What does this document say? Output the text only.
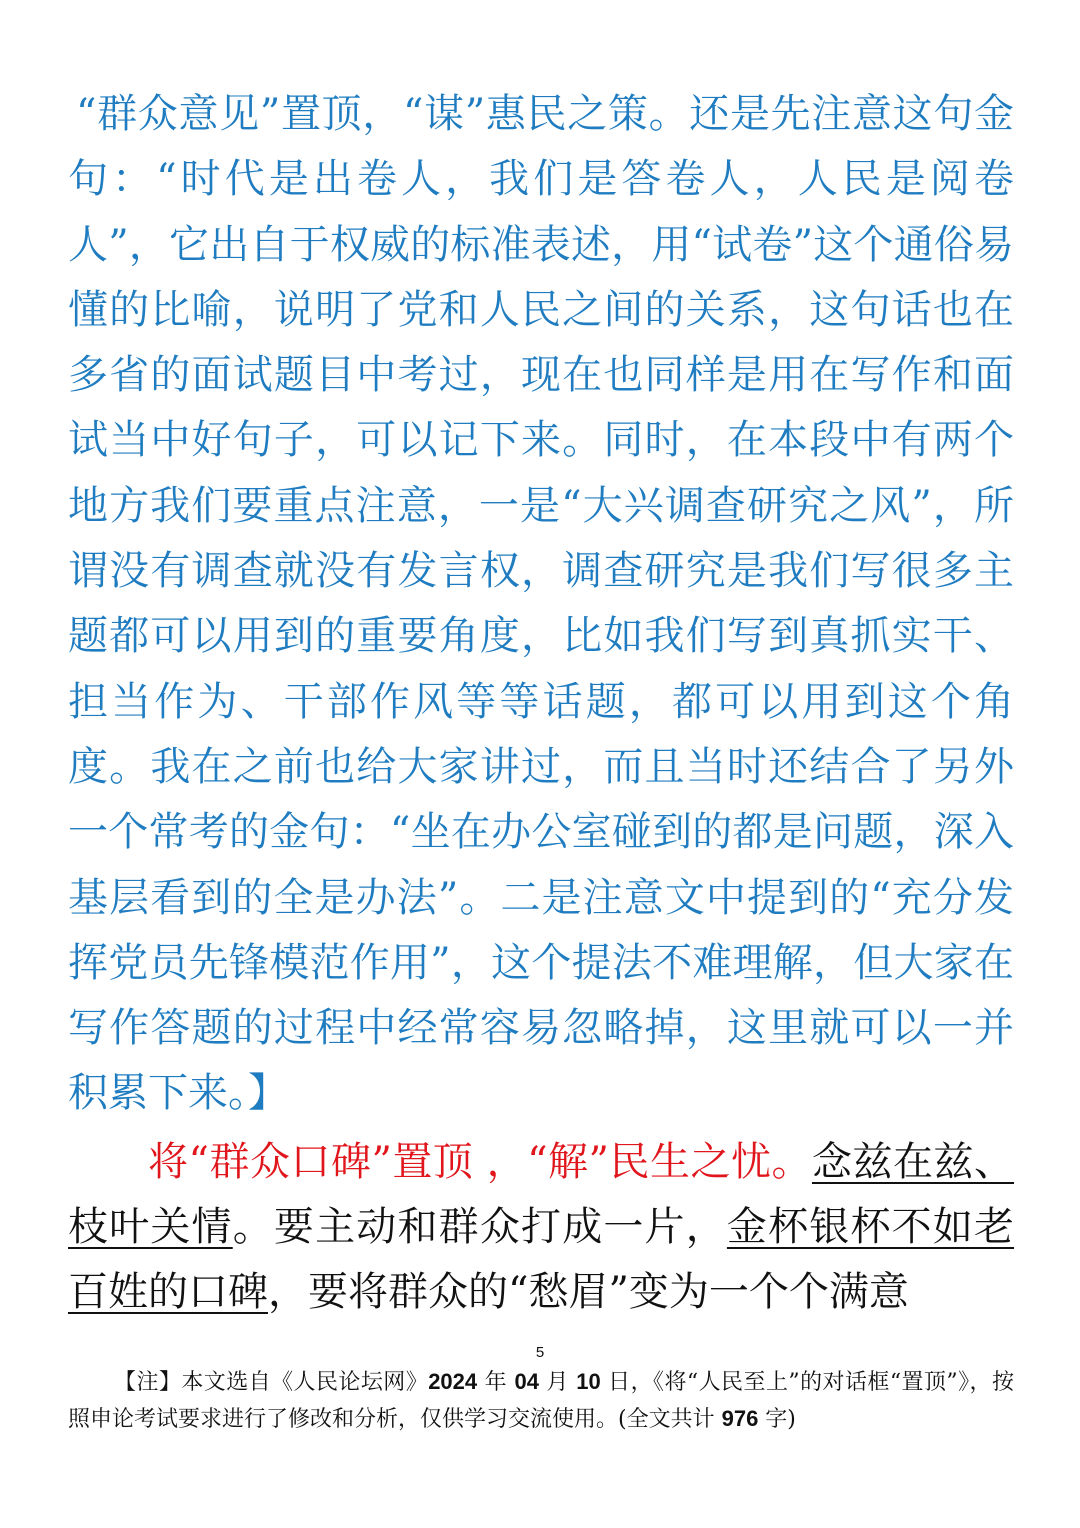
“群众意见”置顶，“谋”惠民之策。还是先注意这句金句：“时代是出卷人，我们是答卷人，人民是阅卷人”，它出自于权威的标准表述，用“试卷”这个通俗易懂的比喻，说明了党和人民之间的关系，这句话也在多省的面试题目中考过，现在也同样是用在写作和面试当中好句子，可以记下来。同时，在本段中有两个地方我们要重点注意，一是“大兴调查研究之风”，所谓没有调查就没有发言权，调查研究是我们写很多主题都可以用到的重要角度，比如我们写到真抓实干、担当作为、干部作风等等话题，都可以用到这个角度。我在之前也给大家讲过，而且当时还结合了另外一个常考的金句：“坐在办公室碰到的都是问题，深入基层看到的全是办法”。二是注意文中提到的“充分发挥党员先锋模范作用”，这个提法不难理解，但大家在写作答题的过程中经常容易忽略掉，这里就可以一并积累下来。】

将“群众口碑”置顶 ，“解”民生之忧。念兹在兹、枝叶关情。要主动和群众打成一片，金杯银杯不如老百姓的口碑，要将群众的“愁眉”变为一个个满意

5

【注】本文选自《人民论坛网》2024 年 04 月 10 日，《将“人民至上”的对话框“置顶”》，按照申论考试要求进行了修改和分析，仅供学习交流使用。(全文共计 976 字)
